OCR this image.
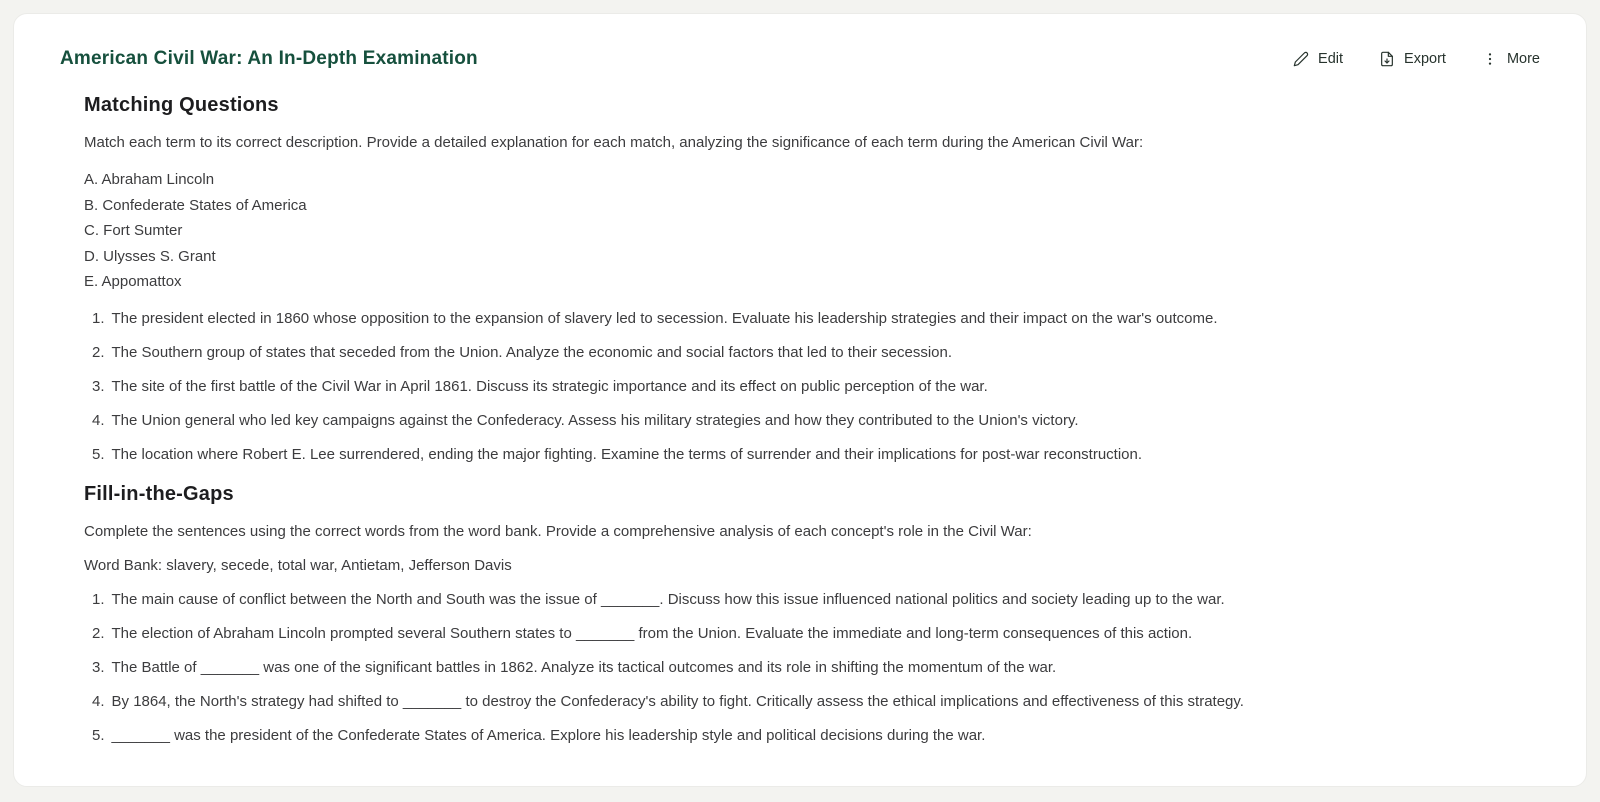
American Civil War: An In-Depth Examination	Edit	Export	More
Matching Questions

Match each term to its correct description. Provide a detailed explanation for each match, analyzing the significance of each term during the American Civil War:

A. Abraham Lincoln
B. Confederate States of America
C. Fort Sumter
D. Ulysses S. Grant
E. Appomattox
1. The president elected in 1860 whose opposition to the expansion of slavery led to secession. Evaluate his leadership strategies and their impact on the war's outcome.
2. The Southern group of states that seceded from the Union. Analyze the economic and social factors that led to their secession.
3. The site of the first battle of the Civil War in April 1861. Discuss its strategic importance and its effect on public perception of the war.
4. The Union general who led key campaigns against the Confederacy. Assess his military strategies and how they contributed to the Union's victory.
5. The location where Robert E. Lee surrendered, ending the major fighting. Examine the terms of surrender and their implications for post-war reconstruction.
Fill-in-the-Gaps

Complete the sentences using the correct words from the word bank. Provide a comprehensive analysis of each concept's role in the Civil War:

Word Bank: slavery, secede, total war, Antietam, Jefferson Davis

1. The main cause of conflict between the North and South was the issue of _______. Discuss how this issue influenced national politics and society leading up to the war.
2. The election of Abraham Lincoln prompted several Southern states to _______ from the Union. Evaluate the immediate and long-term consequences of this action.
3. The Battle of _______ was one of the significant battles in 1862. Analyze its tactical outcomes and its role in shifting the momentum of the war.
4. By 1864, the North's strategy had shifted to _______ to destroy the Confederacy's ability to fight. Critically assess the ethical implications and effectiveness of this strategy.
5. _______ was the president of the Confederate States of America. Explore his leadership style and political decisions during the war.
